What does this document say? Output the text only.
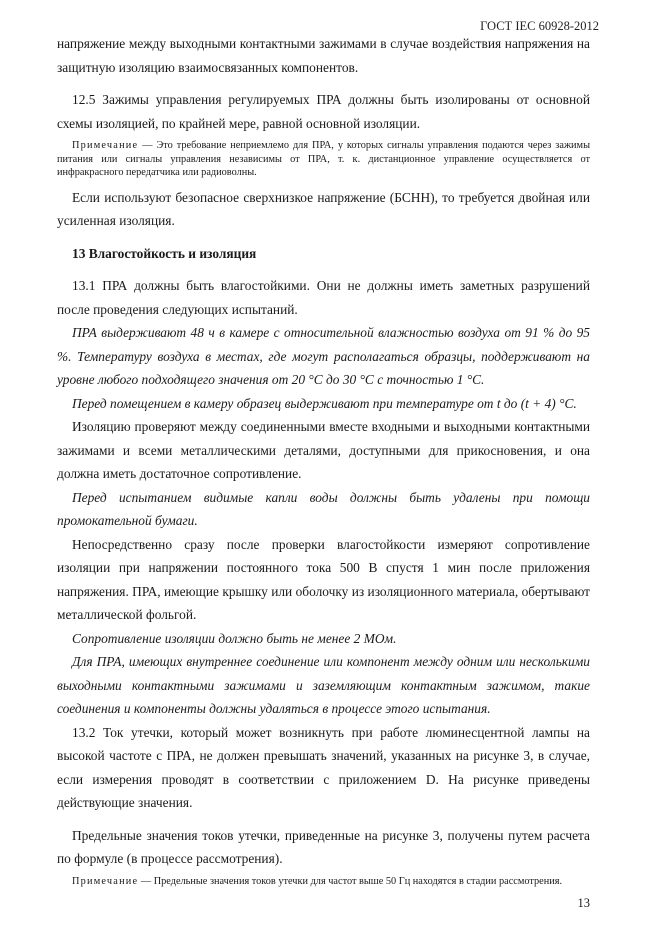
ГОСТ IEC 60928-2012

напряжение между выходными контактными зажимами в случае воздействия напряжения на защитную изоляцию взаимосвязанных компонентов.

12.5 Зажимы управления регулируемых ПРА должны быть изолированы от основной схемы изоляцией, по крайней мере, равной основной изоляции.

Примечание — Это требование неприемлемо для ПРА, у которых сигналы управления подаются через зажимы питания или сигналы управления независимы от ПРА, т. к. дистанционное управление осуществляется от инфракрасного передатчика или радиоволны.

Если используют безопасное сверхнизкое напряжение (БСНН), то требуется двойная или усиленная изоляция.

13 Влагостойкость и изоляция

13.1 ПРА должны быть влагостойкими. Они не должны иметь заметных разрушений после проведения следующих испытаний.

ПРА выдерживают 48 ч в камере с относительной влажностью воздуха от 91 % до 95 %. Температуру воздуха в местах, где могут располагаться образцы, поддерживают на уровне любого подходящего значения от 20 °С до 30 °С с точностью 1 °С.

Перед помещением в камеру образец выдерживают при температуре от t до (t + 4) °С.

Изоляцию проверяют между соединенными вместе входными и выходными контактными зажимами и всеми металлическими деталями, доступными для прикосновения, и она должна иметь достаточное сопротивление.

Перед испытанием видимые капли воды должны быть удалены при помощи промокательной бумаги.

Непосредственно сразу после проверки влагостойкости измеряют сопротивление изоляции при напряжении постоянного тока 500 В спустя 1 мин после приложения напряжения. ПРА, имеющие крышку или оболочку из изоляционного материала, обертывают металлической фольгой.

Сопротивление изоляции должно быть не менее 2 МОм.

Для ПРА, имеющих внутреннее соединение или компонент между одним или несколькими выходными контактными зажимами и заземляющим контактным зажимом, такие соединения и компоненты должны удаляться в процессе этого испытания.

13.2 Ток утечки, который может возникнуть при работе люминесцентной лампы на высокой частоте с ПРА, не должен превышать значений, указанных на рисунке 3, в случае, если измерения проводят в соответствии с приложением D. На рисунке приведены действующие значения.

Предельные значения токов утечки, приведенные на рисунке 3, получены путем расчета по формуле (в процессе рассмотрения).

Примечание — Предельные значения токов утечки для частот выше 50 Гц находятся в стадии рассмотрения.

13
